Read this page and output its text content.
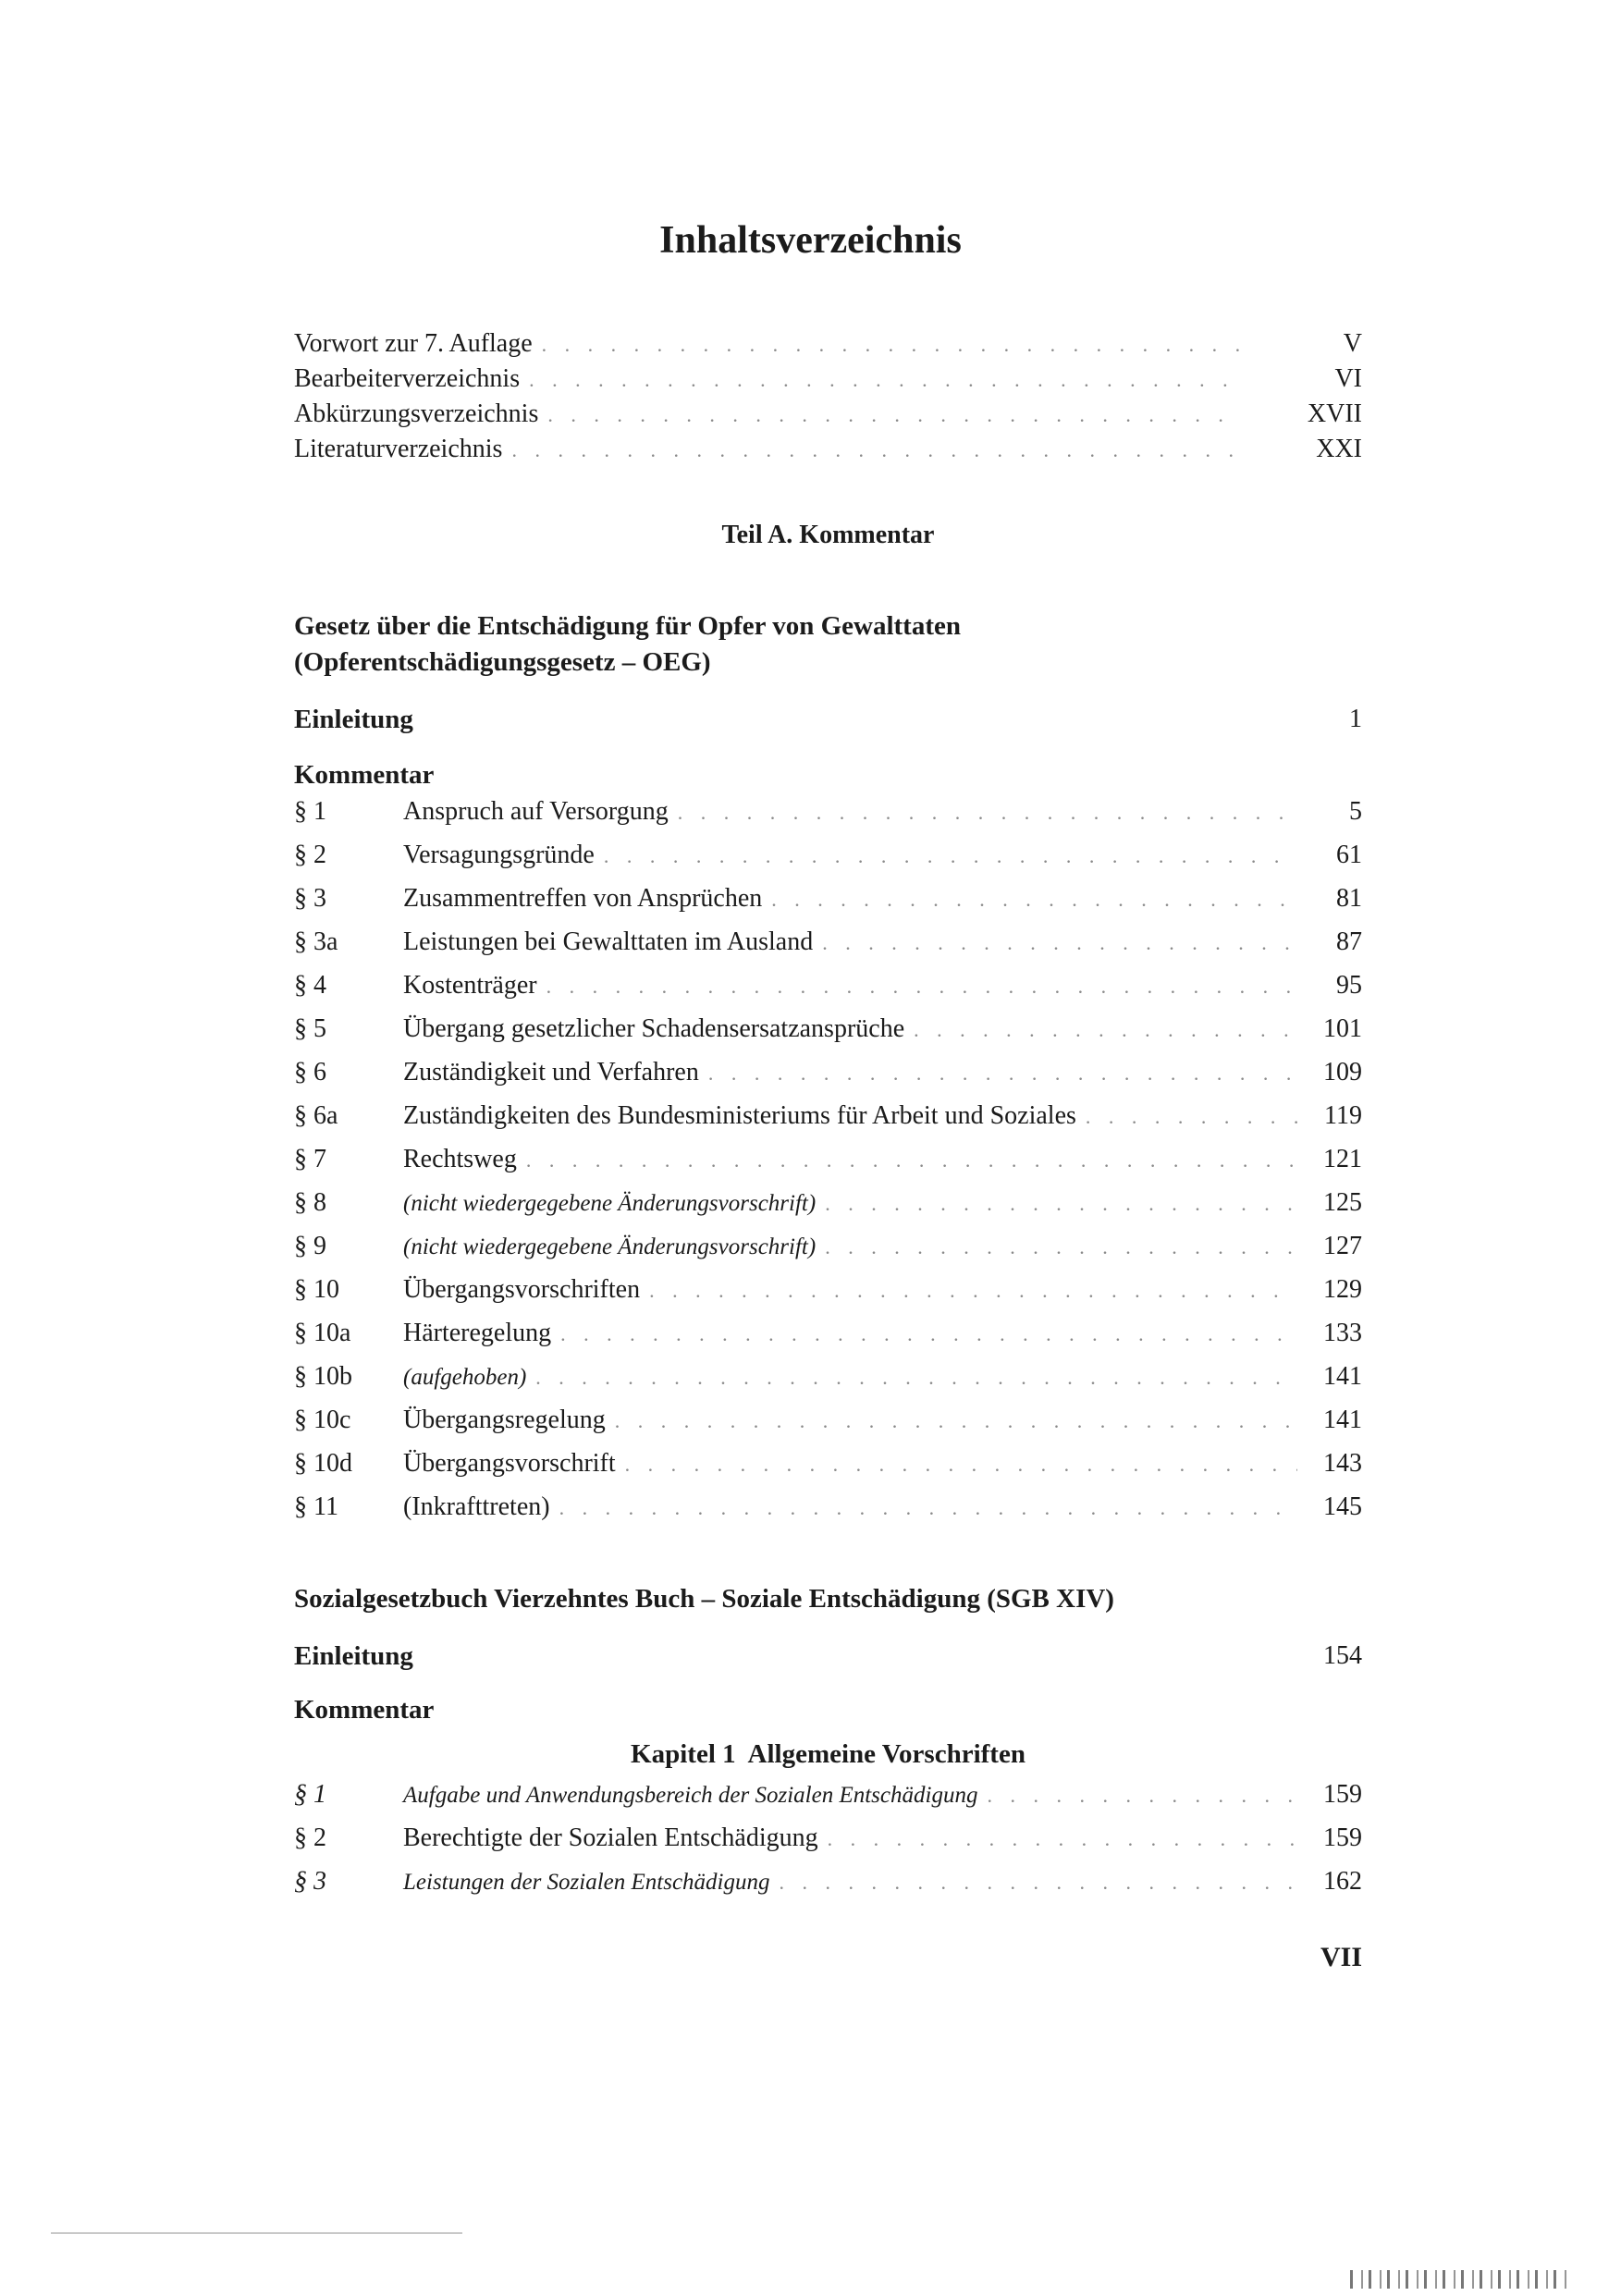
Inhaltsverzeichnis
Vorwort zur 7. Auflage . . .	V
Bearbeiterverzeichnis . . .	VI
Abkürzungsverzeichnis . . .	XVII
Literaturverzeichnis . . .	XXI
Teil A. Kommentar
Gesetz über die Entschädigung für Opfer von Gewalttaten
(Opferentschädigungsgesetz – OEG)
Einleitung	1
Kommentar
§ 1	Anspruch auf Versorgung . . .	5
§ 2	Versagungsgründe . . .	61
§ 3	Zusammentreffen von Ansprüchen . . .	81
§ 3a	Leistungen bei Gewalttaten im Ausland . . .	87
§ 4	Kostenträger . . .	95
§ 5	Übergang gesetzlicher Schadensersatzansprüche . . .	101
§ 6	Zuständigkeit und Verfahren . . .	109
§ 6a	Zuständigkeiten des Bundesministeriums für Arbeit und Soziales . . .	119
§ 7	Rechtsweg . . .	121
§ 8	(nicht wiedergegebene Änderungsvorschrift) . . .	125
§ 9	(nicht wiedergegebene Änderungsvorschrift) . . .	127
§ 10	Übergangsvorschriften . . .	129
§ 10a	Härteregelung . . .	133
§ 10b	(aufgehoben) . . .	141
§ 10c	Übergangsregelung . . .	141
§ 10d	Übergangsvorschrift . . .	143
§ 11	(Inkrafttreten) . . .	145
Sozialgesetzbuch Vierzehntes Buch – Soziale Entschädigung (SGB XIV)
Einleitung	154
Kommentar
Kapitel 1  Allgemeine Vorschriften
§ 1	Aufgabe und Anwendungsbereich der Sozialen Entschädigung . . .	159
§ 2	Berechtigte der Sozialen Entschädigung . . .	159
§ 3	Leistungen der Sozialen Entschädigung . . .	162
VII
